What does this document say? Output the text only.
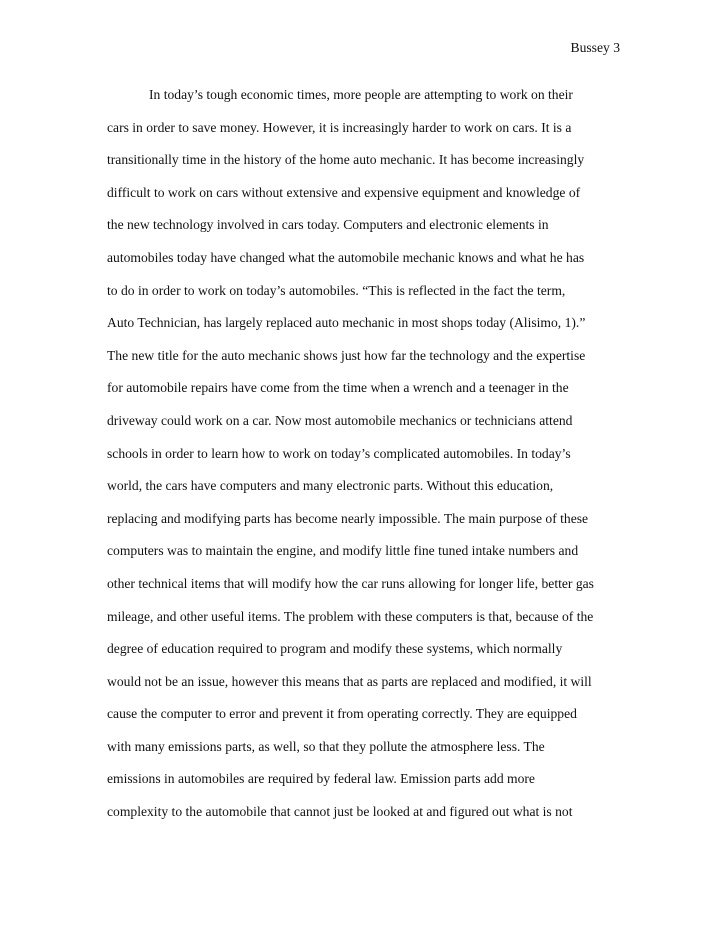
Bussey 3
In today’s tough economic times, more people are attempting to work on their
cars in order to save money. However, it is increasingly harder to work on cars. It is a
transitionally time in the history of the home auto mechanic. It has become increasingly
difficult to work on cars without extensive and expensive equipment and knowledge of
the new technology involved in cars today. Computers and electronic elements in
automobiles today have changed what the automobile mechanic knows and what he has
to do in order to work on today’s automobiles. “This is reflected in the fact the term,
Auto Technician, has largely replaced auto mechanic in most shops today (Alisimo, 1).”
The new title for the auto mechanic shows just how far the technology and the expertise
for automobile repairs have come from the time when a wrench and a teenager in the
driveway could work on a car. Now most automobile mechanics or technicians attend
schools in order to learn how to work on today’s complicated automobiles. In today’s
world, the cars have computers and many electronic parts. Without this education,
replacing and modifying parts has become nearly impossible. The main purpose of these
computers was to maintain the engine, and modify little fine tuned intake numbers and
other technical items that will modify how the car runs allowing for longer life, better gas
mileage, and other useful items. The problem with these computers is that, because of the
degree of education required to program and modify these systems, which normally
would not be an issue, however this means that as parts are replaced and modified, it will
cause the computer to error and prevent it from operating correctly. They are equipped
with many emissions parts, as well, so that they pollute the atmosphere less. The
emissions in automobiles are required by federal law. Emission parts add more
complexity to the automobile that cannot just be looked at and figured out what is not
